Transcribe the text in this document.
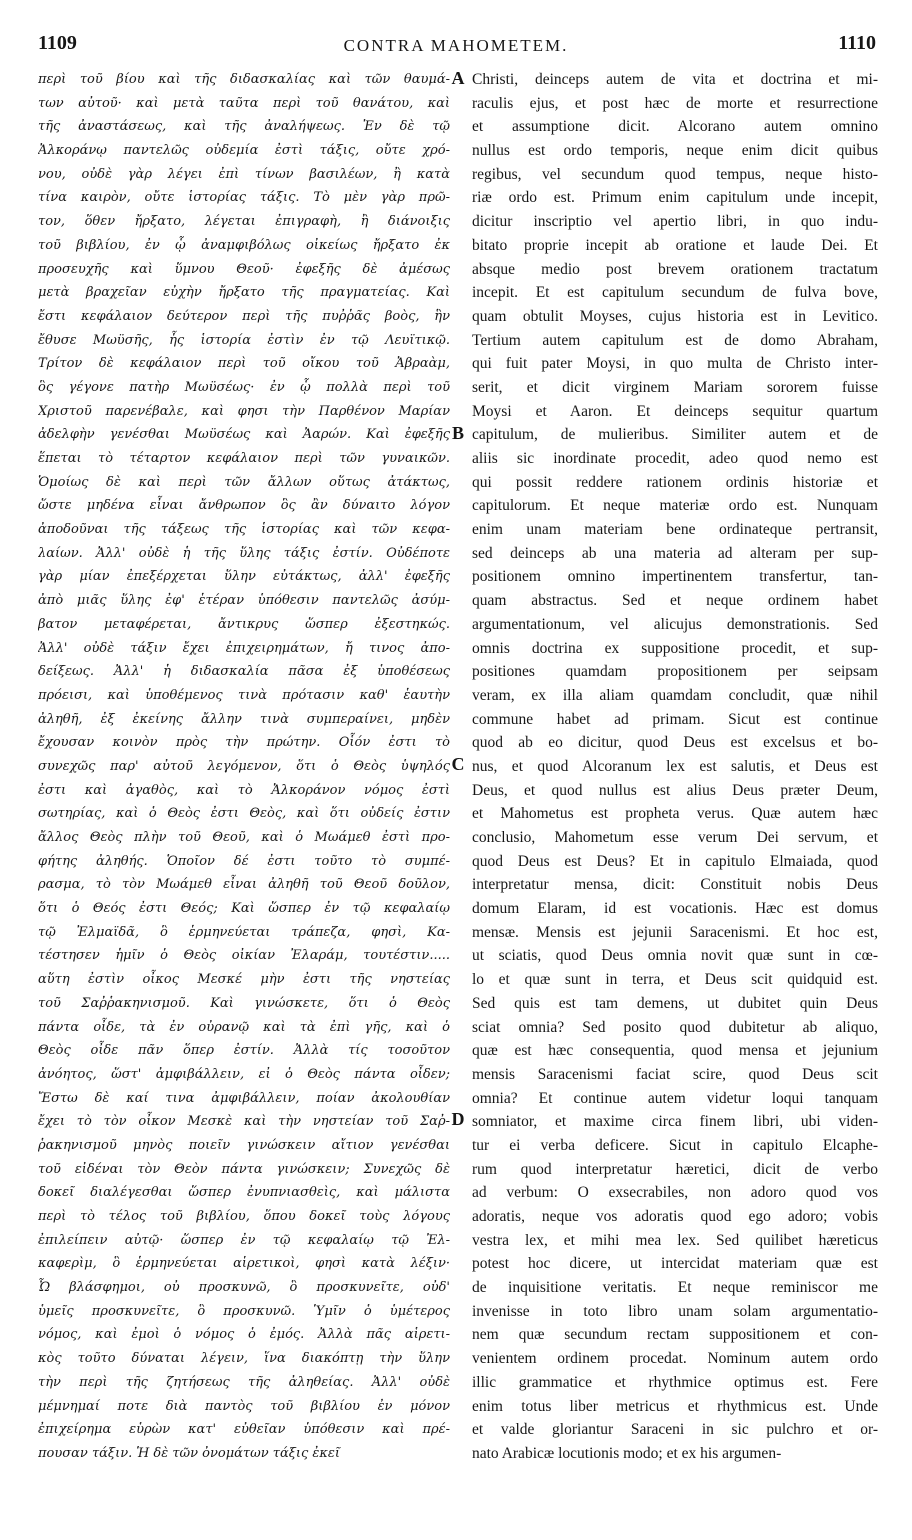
1109	CONTRA MAHOMETEM.	1110
περὶ τοῦ βίου καὶ τῆς διδασκαλίας καὶ τῶν θαυμά-
των αὐτοῦ· καὶ μετὰ ταῦτα περὶ τοῦ θανάτου, καὶ
τῆς ἀναστάσεως, καὶ τῆς ἀναλήψεως. Ἐν δὲ τῷ
Ἀλκοράνῳ παντελῶς οὐδεμία ἐστὶ τάξις, οὔτε χρό-
νου, οὐδὲ γὰρ λέγει ἐπὶ τίνων βασιλέων, ἢ κατὰ
τίνα καιρὸν, οὔτε ἱστορίας τάξις. Τὸ μὲν γὰρ πρῶ-
τον, ὅθεν ἤρξατο, λέγεται ἐπιγραφὴ, ἢ διάνοιξις
τοῦ βιβλίου, ἐν ᾧ ἀναμφιβόλως οἰκείως ἤρξατο ἐκ
προσευχῆς καὶ ὕμνου Θεοῦ· ἐφεξῆς δὲ ἀμέσως
μετὰ βραχεῖαν εὐχὴν ἤρξατο τῆς πραγματείας. Καὶ
ἔστι κεφάλαιον δεύτερον περὶ τῆς πυῤῥᾶς βοὸς, ἣν
ἔθυσε Μωϋσῆς, ἧς ἱστορία ἐστὶν ἐν τῷ Λευϊτικῷ.
Τρίτον δὲ κεφάλαιον περὶ τοῦ οἴκου τοῦ Ἀβραὰμ,
ὃς γέγονε πατὴρ Μωϋσέως· ἐν ᾧ πολλὰ περὶ τοῦ
Χριστοῦ παρενέβαλε, καὶ φησι τὴν Παρθένον Μαρίαν
ἀδελφὴν γενέσθαι Μωϋσέως καὶ Ἀαρών. Καὶ ἐφεξῆς
ἕπεται τὸ τέταρτον κεφάλαιον περὶ τῶν γυναικῶν.
Ὁμοίως δὲ καὶ περὶ τῶν ἄλλων οὕτως ἀτάκτως,
ὥστε μηδένα εἶναι ἄνθρωπον ὃς ἂν δύναιτο λόγον
ἀποδοῦναι τῆς τάξεως τῆς ἱστορίας καὶ τῶν κεφα-
λαίων. Ἀλλ' οὐδὲ ἡ τῆς ὕλης τάξις ἐστίν. Οὐδέποτε
γὰρ μίαν ἐπεξέρχεται ὕλην εὐτάκτως, ἀλλ' ἐφεξῆς
ἀπὸ μιᾶς ὕλης ἐφ' ἑτέραν ὑπόθεσιν παντελῶς ἀσύμ-
βατον μεταφέρεται, ἄντικρυς ὥσπερ ἐξεστηκώς.
Ἀλλ' οὐδὲ τάξιν ἔχει ἐπιχειρημάτων, ἤ τινος ἀπο-
δείξεως. Ἀλλ' ἡ διδασκαλία πᾶσα ἐξ ὑποθέσεως
πρόεισι, καὶ ὑποθέμενος τινὰ πρότασιν καθ' ἑαυτὴν
ἀληθῆ, ἐξ ἐκείνης ἄλλην τινὰ συμπεραίνει, μηδὲν
ἔχουσαν κοινὸν πρὸς τὴν πρώτην. Οἷόν ἐστι τὸ
συνεχῶς παρ' αὐτοῦ λεγόμενον, ὅτι ὁ Θεὸς ὑψηλός
ἐστι καὶ ἀγαθὸς, καὶ τὸ Ἀλκοράνον νόμος ἐστὶ
σωτηρίας, καὶ ὁ Θεὸς ἐστι Θεὸς, καὶ ὅτι οὐδείς ἐστιν
ἄλλος Θεὸς πλὴν τοῦ Θεοῦ, καὶ ὁ Μωάμεθ ἐστὶ προ-
φήτης ἀληθής. Ὁποῖον δέ ἐστι τοῦτο τὸ συμπέ-
ρασμα, τὸ τὸν Μωάμεθ εἶναι ἀληθῆ τοῦ Θεοῦ δοῦλον,
ὅτι ὁ Θεός ἐστι Θεός; Καὶ ὥσπερ ἐν τῷ κεφαλαίῳ
τῷ Ἐλμαϊδᾶ, ὃ ἑρμηνεύεται τράπεζα, φησὶ, Κα-
τέστησεν ἡμῖν ὁ Θεὸς οἰκίαν Ἐλαράμ, τουτέστιν.....
αὕτη ἐστὶν οἶκος Μεσκέ μὴν ἐστι τῆς νηστείας
τοῦ Σαῤῥακηνισμοῦ. Καὶ γινώσκετε, ὅτι ὁ Θεὸς
πάντα οἶδε, τὰ ἐν οὐρανῷ καὶ τὰ ἐπὶ γῆς, καὶ ὁ
Θεὸς οἶδε πᾶν ὅπερ ἐστίν. Ἀλλὰ τίς τοσοῦτον
ἀνόητος, ὥστ' ἀμφιβάλλειν, εἰ ὁ Θεὸς πάντα οἶδεν;
Ἔστω δὲ καί τινα ἀμφιβάλλειν, ποίαν ἀκολουθίαν
ἔχει τὸ τὸν οἶκον Μεσκὲ καὶ τὴν νηστείαν τοῦ Σαῤ-
ῥακηνισμοῦ μηνὸς ποιεῖν γινώσκειν αἴτιον γενέσθαι
τοῦ εἰδέναι τὸν Θεὸν πάντα γινώσκειν; Συνεχῶς δὲ
δοκεῖ διαλέγεσθαι ὥσπερ ἐνυπνιασθεὶς, καὶ μάλιστα
περὶ τὸ τέλος τοῦ βιβλίου, ὅπου δοκεῖ τοὺς λόγους
ἐπιλείπειν αὐτῷ· ὥσπερ ἐν τῷ κεφαλαίῳ τῷ Ἐλ-
καφερὶμ, ὃ ἑρμηνεύεται αἱρετικοὶ, φησὶ κατὰ λέξιν·
Ὦ βλάσφημοι, οὐ προσκυνῶ, ὃ προσκυνεῖτε, οὐδ'
ὑμεῖς προσκυνεῖτε, ὃ προσκυνῶ. Ὑμῖν ὁ ὑμέτερος
νόμος, καὶ ἐμοὶ ὁ νόμος ὁ ἐμός. Ἀλλὰ πᾶς αἱρετι-
κὸς τοῦτο δύναται λέγειν, ἵνα διακόπτῃ τὴν ὕλην
τὴν περὶ τῆς ζητήσεως τῆς ἀληθείας. Ἀλλ' οὐδὲ
μέμνημαί ποτε διὰ παντὸς τοῦ βιβλίου ἐν μόνον
ἐπιχείρημα εὑρὼν κατ' εὐθεῖαν ὑπόθεσιν καὶ πρέ-
πουσαν τάξιν. Ἡ δὲ τῶν ὀνομάτων τάξις ἐκεῖ
Christi, deinceps autem de vita et doctrina et mi-
raculis ejus, et post hæc de morte et resurrectione
et assumptione dicit. Alcorano autem omnino
nullus est ordo temporis, neque enim dicit quibus
regibus, vel secundum quod tempus, neque histo-
riæ ordo est. Primum enim capitulum unde incepit,
dicitur inscriptio vel apertio libri, in quo indu-
bitato proprie incepit ab oratione et laude Dei. Et
absque medio post brevem orationem tractatum
incepit. Et est capitulum secundum de fulva bove,
quam obtulit Moyses, cujus historia est in Levitico.
Tertium autem capitulum est de domo Abraham,
qui fuit pater Moysi, in quo multa de Christo inter-
serit, et dicit virginem Mariam sororem fuisse
Moysi et Aaron. Et deinceps sequitur quartum
capitulum, de mulieribus. Similiter autem et de
aliis sic inordinate procedit, adeo quod nemo est
qui possit reddere rationem ordinis historiæ et
capitulorum. Et neque materiæ ordo est. Nunquam
enim unam materiam bene ordinateque pertransit,
sed deinceps ab una materia ad alteram per sup-
positionem omnino impertinentem transfertur, tan-
quam abstractus. Sed et neque ordinem habet
argumentationum, vel alicujus demonstrationis. Sed
omnis doctrina ex suppositione procedit, et sup-
positiones quamdam propositionem per seipsam
veram, ex illa aliam quamdam concludit, quæ nihil
commune habet ad primam. Sicut est continue
quod ab eo dicitur, quod Deus est excelsus et bo-
nus, et quod Alcoranum lex est salutis, et Deus est
Deus, et quod nullus est alius Deus præter Deum,
et Mahometus est propheta verus. Quæ autem hæc
conclusio, Mahometum esse verum Dei servum, et
quod Deus est Deus? Et in capitulo Elmaiada, quod
interpretatur mensa, dicit: Constituit nobis Deus
domum Elaram, id est vocationis. Hæc est domus
mensæ. Mensis est jejunii Saracenismi. Et hoc est,
ut sciatis, quod Deus omnia novit quæ sunt in cœ-
lo et quæ sunt in terra, et Deus scit quidquid est.
Sed quis est tam demens, ut dubitet quin Deus
sciat omnia? Sed posito quod dubitetur ab aliquo,
quæ est hæc consequentia, quod mensa et jejunium
mensis Saracenismi faciat scire, quod Deus scit
omnia? Et continue autem videtur loqui tanquam
somniator, et maxime circa finem libri, ubi viden-
tur ei verba deficere. Sicut in capitulo Elcaphe-
rum quod interpretatur hæretici, dicit de verbo
ad verbum: O exsecrabiles, non adoro quod vos
adoratis, neque vos adoratis quod ego adoro; vobis
vestra lex, et mihi mea lex. Sed quilibet hæreticus
potest hoc dicere, ut intercidat materiam quæ est
de inquisitione veritatis. Et neque reminiscor me
invenisse in toto libro unam solam argumentatio-
nem quæ secundum rectam suppositionem et con-
venientem ordinem procedat. Nominum autem ordo
illic grammatice et rhythmice optimus est. Fere
enim totus liber metricus et rhythmicus est. Unde
et valde gloriantur Saraceni in sic pulchro et or-
nato Arabicæ locutionis modo; et ex his argumen-
A
B
C
D
